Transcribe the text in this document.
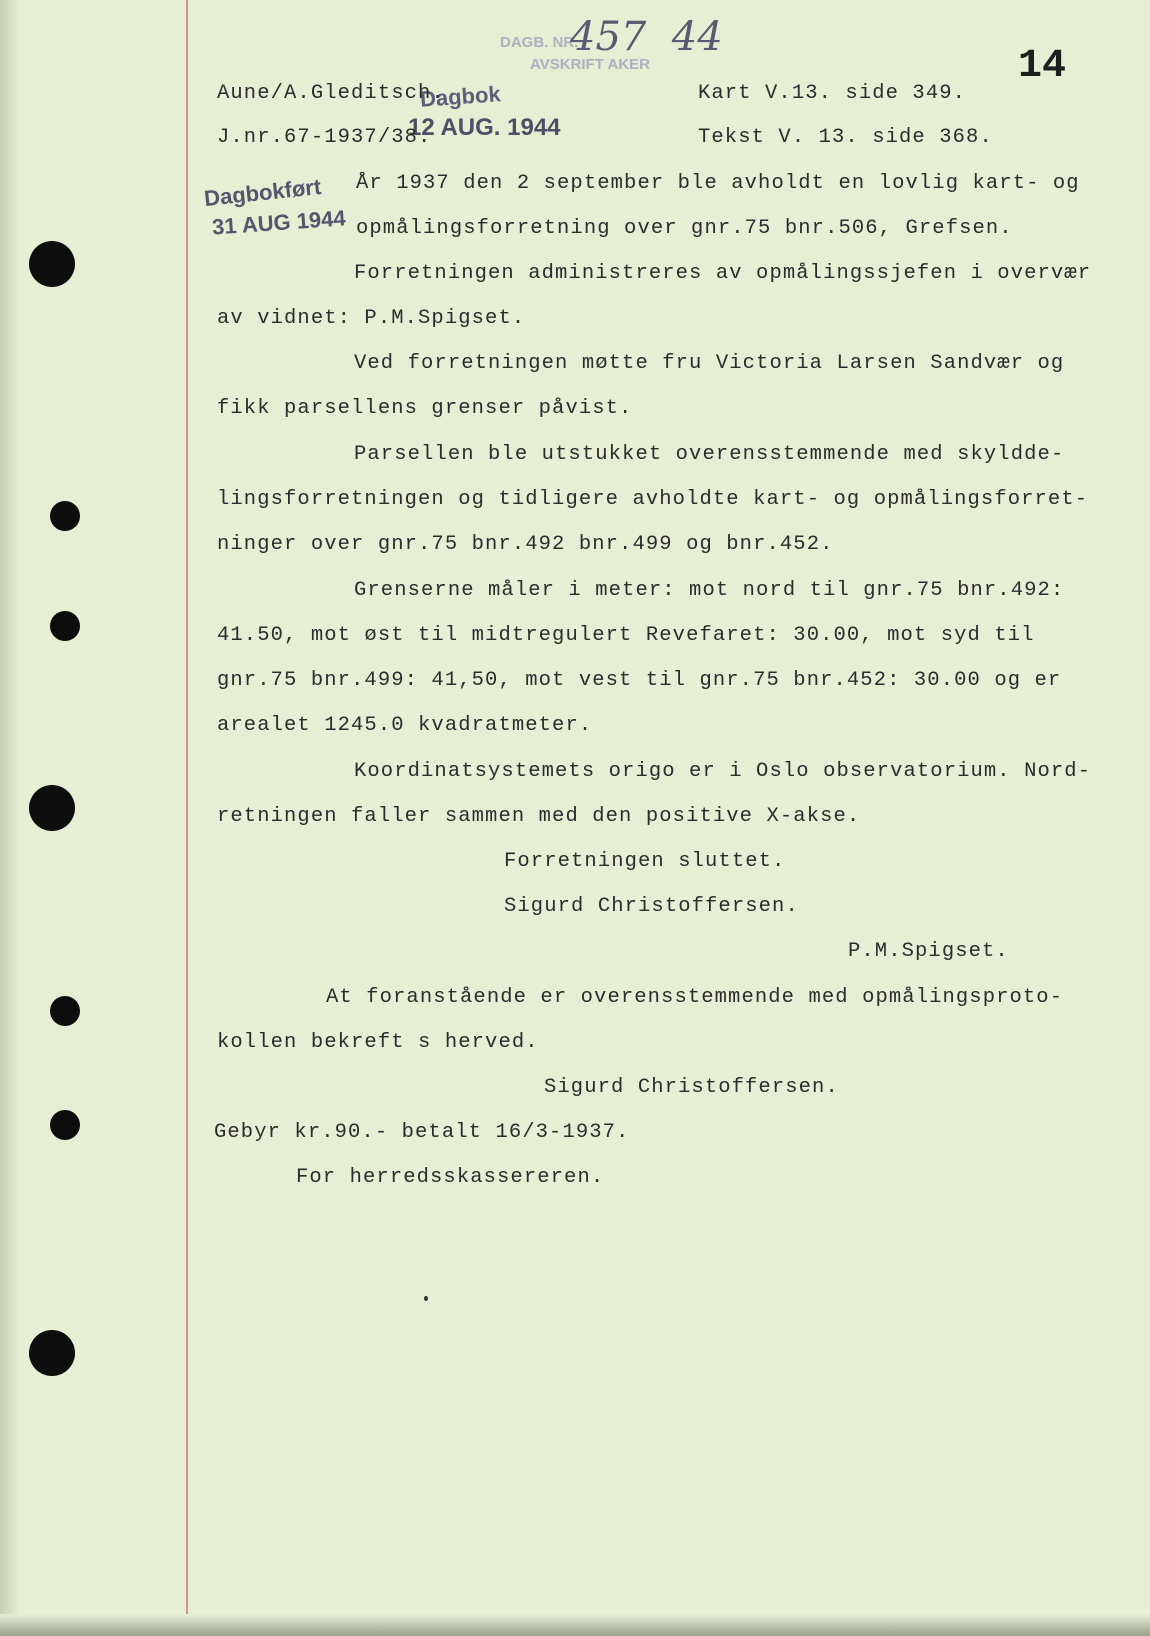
DAGB. NR.
AVSKRIFT AKER
457  44
Dagbok
12 AUG. 1944
Dagbokført
31 AUG 1944
14
Aune/A.Gleditsch.
J.nr.67-1937/38.
Kart V.13. side 349.
Tekst V. 13. side 368.
År 1937 den 2 september ble avholdt en lovlig kart- og
opmålingsforretning over gnr.75 bnr.506, Grefsen.
Forretningen administreres av opmålingssjefen i overvær
av vidnet: P.M.Spigset.
Ved forretningen møtte fru Victoria Larsen Sandvær og
fikk parsellens grenser påvist.
Parsellen ble utstukket overensstemmende med skyldde-
lingsforretningen og tidligere avholdte kart- og opmålingsforret-
ninger over gnr.75 bnr.492 bnr.499 og bnr.452.
Grenserne måler i meter: mot nord til gnr.75 bnr.492:
41.50, mot øst til midtregulert Revefaret: 30.00, mot syd til
gnr.75 bnr.499: 41,50, mot vest til gnr.75 bnr.452: 30.00 og er
arealet 1245.0 kvadratmeter.
Koordinatsystemets origo er i Oslo observatorium. Nord-
retningen faller sammen med den positive X-akse.
Forretningen sluttet.
Sigurd Christoffersen.
P.M.Spigset.
At foranstående er overensstemmende med opmålingsproto-
kollen bekreft s herved.
Sigurd Christoffersen.
Gebyr kr.90.- betalt 16/3-1937.
For herredsskassereren.
